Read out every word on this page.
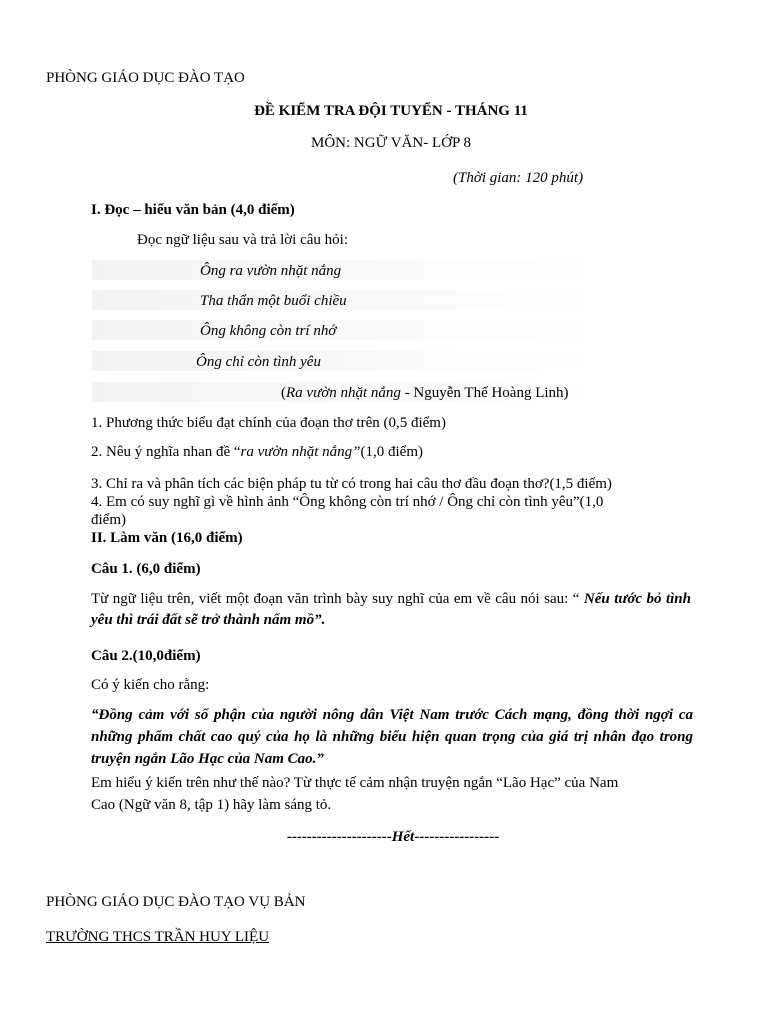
PHÒNG GIÁO DỤC ĐÀO TẠO
ĐỀ KIỂM TRA ĐỘI TUYỂN - THÁNG 11
MÔN: NGỮ VĂN- LỚP 8
(Thời gian: 120 phút)
I. Đọc – hiểu văn bản (4,0 điểm)
Đọc ngữ liệu sau và trả lời câu hỏi:
Ông ra vườn nhặt nắng
Tha thẩn một buổi chiều
Ông không còn trí nhớ
Ông chỉ còn tình yêu
(Ra vườn nhặt nắng - Nguyễn Thế Hoàng Linh)
1. Phương thức biểu đạt chính của đoạn thơ trên (0,5 điểm)
2. Nêu ý nghĩa nhan đề “ra vườn nhặt nắng”(1,0 điểm)
3. Chỉ ra và phân tích các biện pháp tu từ có trong hai câu thơ đầu đoạn thơ?(1,5 điểm)
4. Em có suy nghĩ gì về hình ảnh “Ông không còn trí nhớ / Ông chỉ còn tình yêu”(1,0
điểm)
II. Làm văn (16,0 điểm)
Câu 1. (6,0 điểm)
Từ ngữ liệu trên, viết một đoạn văn trình bày suy nghĩ của em về câu nói sau: “ Nếu tước bỏ tình yêu thì trái đất sẽ trở thành nấm mồ”.
Câu 2.(10,0điểm)
Có ý kiến cho rằng:
“Đồng cảm với số phận của người nông dân Việt Nam trước Cách mạng, đồng thời ngợi ca những phẩm chất cao quý của họ là những biểu hiện quan trọng của giá trị nhân đạo trong truyện ngắn Lão Hạc của Nam Cao.”
Em hiểu ý kiến trên như thế nào? Từ thực tế cảm nhận truyện ngắn “Lão Hạc” của Nam
Cao (Ngữ văn 8, tập 1) hãy làm sáng tỏ.
---------------------Hết-----------------
PHÒNG GIÁO DỤC ĐÀO TẠO VỤ BẢN
TRƯỜNG THCS TRẦN HUY LIỆU
